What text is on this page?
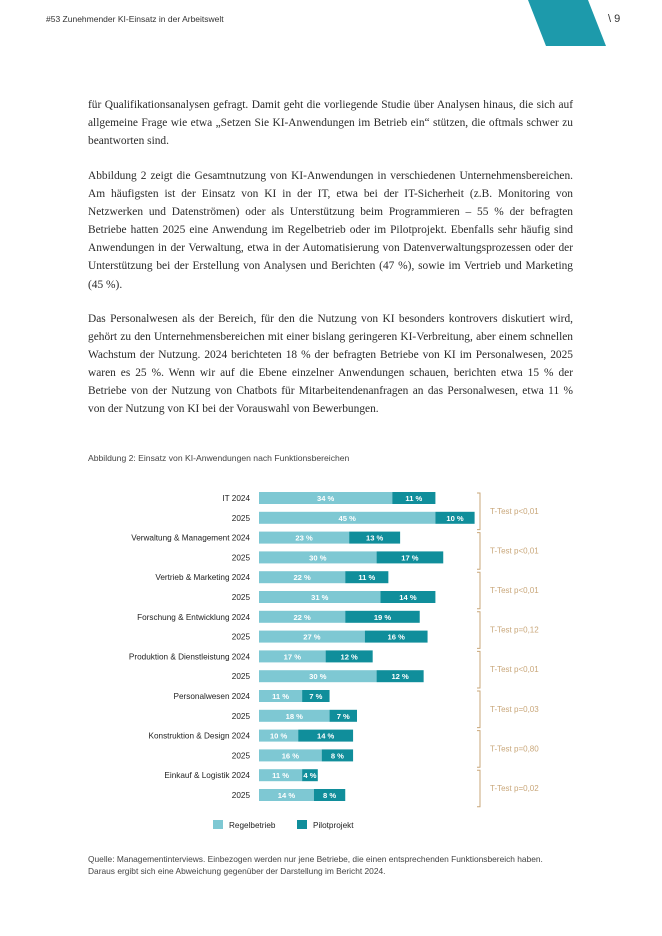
#53 Zunehmender KI-Einsatz in der Arbeitswelt	\ 9

für Qualifikationsanalysen gefragt. Damit geht die vorliegende Studie über Analysen hinaus, die sich auf allgemeine Frage wie etwa „Setzen Sie KI-Anwendungen im Betrieb ein“ stützen, die oftmals schwer zu beantworten sind.

Abbildung 2 zeigt die Gesamtnutzung von KI-Anwendungen in verschiedenen Unternehmensbereichen. Am häufigsten ist der Einsatz von KI in der IT, etwa bei der IT-Sicherheit (z.B. Monitoring von Netzwerken und Datenströmen) oder als Unterstützung beim Programmieren – 55 % der befragten Betriebe hatten 2025 eine Anwendung im Regelbetrieb oder im Pilotprojekt. Ebenfalls sehr häufig sind Anwendungen in der Verwaltung, etwa in der Automatisierung von Datenverwaltungsprozessen oder der Unterstützung bei der Erstellung von Analysen und Berichten (47 %), sowie im Vertrieb und Marketing (45 %).

Das Personalwesen als der Bereich, für den die Nutzung von KI besonders kontrovers diskutiert wird, gehört zu den Unternehmensbereichen mit einer bislang geringeren KI-Verbreitung, aber einem schnellen Wachstum der Nutzung. 2024 berichteten 18 % der befragten Betriebe von KI im Personalwesen, 2025 waren es 25 %. Wenn wir auf die Ebene einzelner Anwendungen schauen, berichten etwa 15 % der Betriebe von der Nutzung von Chatbots für Mitarbeitendenanfragen an das Personalwesen, etwa 11 % von der Nutzung von KI bei der Vorauswahl von Bewerbungen.

Abbildung 2: Einsatz von KI-Anwendungen nach Funktionsbereichen
IT 2024	34 %	11 %
2025	45 %	10 %
Verwaltung & Management 2024	23 %	13 %
2025	30 %	17 %
Vertrieb & Marketing 2024	22 %	11 %
2025	31 %	14 %
Forschung & Entwicklung 2024	22 %	19 %
2025	27 %	16 %
Produktion & Dienstleistung 2024	17 %	12 %
2025	30 %	12 %
Personalwesen 2024	11 %	7 %
2025	18 %	7 %
Konstruktion & Design 2024	10 %	14 %
2025	16 %	8 %
Einkauf & Logistik 2024	11 % 4 %
2025	14 %	8 %
T-Test p<0,01
T-Test p<0,01
T-Test p<0,01
T-Test p=0,12
T-Test p<0,01
T-Test p=0,03
T-Test p=0,80
T-Test p=0,02
Regelbetrieb	Pilotprojekt
Quelle: Managementinterviews. Einbezogen werden nur jene Betriebe, die einen entsprechenden Funktionsbereich haben. Daraus ergibt sich eine Abweichung gegenüber der Darstellung im Bericht 2024.
